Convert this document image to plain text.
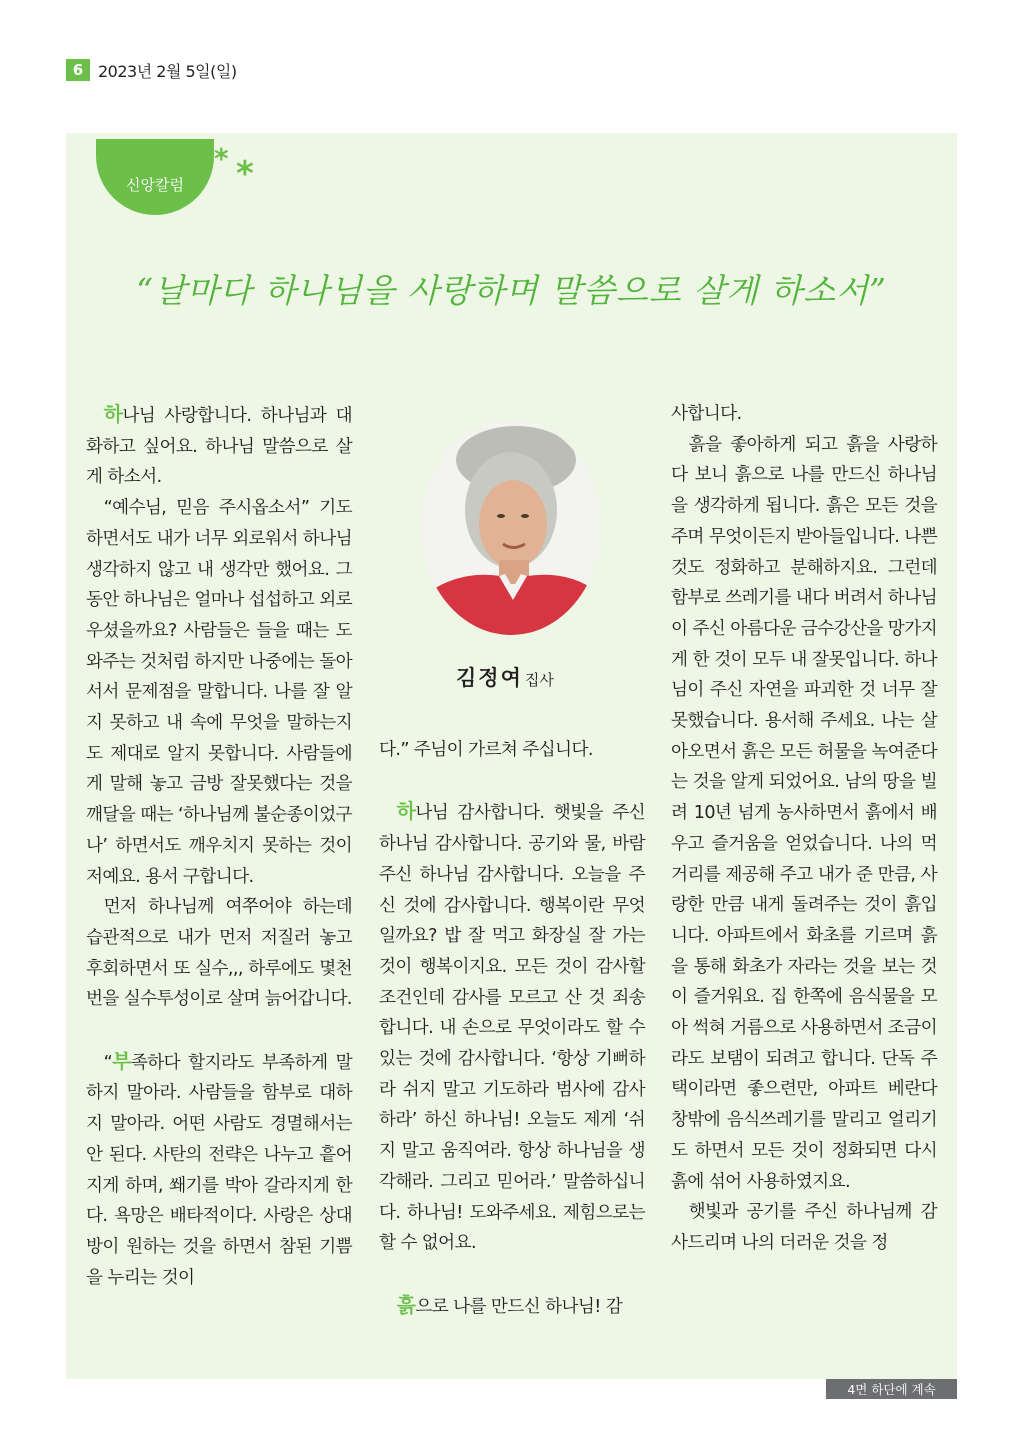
6 2023년 2월 5일(일)
신앙칼럼
* *
“날마다 하나님을 사랑하며 말씀으로 살게 하소서”

하나님 사랑합니다. 하나님과 대화하고 싶어요. 하나님 말씀으로 살게 하소서.

“예수님, 믿음 주시옵소서” 기도하면서도 내가 너무 외로워서 하나님 생각하지 않고 내 생각만 했어요. 그동안 하나님은 얼마나 섭섭하고 외로우셨을까요? 사람들은 들을 때는 도와주는 것처럼 하지만 나중에는 돌아서서 문제점을 말합니다. 나를 잘 알지 못하고 내 속에 무엇을 말하는지도 제대로 알지 못합니다. 사람들에게 말해 놓고 금방 잘못했다는 것을 깨달을 때는 ‘하나님께 불순종이었구나’ 하면서도 깨우치지 못하는 것이 저예요. 용서 구합니다.

먼저 하나님께 여쭈어야 하는데 습관적으로 내가 먼저 저질러 놓고 후회하면서 또 실수,,, 하루에도 몇천 번을 실수투성이로 살며 늙어갑니다.

“부족하다 할지라도 부족하게 말하지 말아라. 사람들을 함부로 대하지 말아라. 어떤 사람도 경멸해서는 안 된다. 사탄의 전략은 나누고 흩어지게 하며, 쐐기를 박아 갈라지게 한다. 욕망은 배타적이다. 사랑은 상대방이 원하는 것을 하면서 참된 기쁨을 누리는 것이

김정여 집사

다.” 주님이 가르쳐 주십니다.

하나님 감사합니다. 햇빛을 주신 하나님 감사합니다. 공기와 물, 바람 주신 하나님 감사합니다. 오늘을 주신 것에 감사합니다. 행복이란 무엇일까요? 밥 잘 먹고 화장실 잘 가는 것이 행복이지요. 모든 것이 감사할 조건인데 감사를 모르고 산 것 죄송합니다. 내 손으로 무엇이라도 할 수 있는 것에 감사합니다. ‘항상 기뻐하라 쉬지 말고 기도하라 범사에 감사하라’ 하신 하나님! 오늘도 제게 ‘쉬지 말고 움직여라. 항상 하나님을 생각해라. 그리고 믿어라.’ 말씀하십니다. 하나님! 도와주세요. 제힘으로는 할 수 없어요.

흙으로 나를 만드신 하나님! 감

사합니다.

흙을 좋아하게 되고 흙을 사랑하다 보니 흙으로 나를 만드신 하나님을 생각하게 됩니다. 흙은 모든 것을 주며 무엇이든지 받아들입니다. 나쁜 것도 정화하고 분해하지요. 그런데 함부로 쓰레기를 내다 버려서 하나님이 주신 아름다운 금수강산을 망가지게 한 것이 모두 내 잘못입니다. 하나님이 주신 자연을 파괴한 것 너무 잘못했습니다. 용서해 주세요. 나는 살아오면서 흙은 모든 허물을 녹여준다는 것을 알게 되었어요. 남의 땅을 빌려 10년 넘게 농사하면서 흙에서 배우고 즐거움을 얻었습니다. 나의 먹거리를 제공해 주고 내가 준 만큼, 사랑한 만큼 내게 돌려주는 것이 흙입니다. 아파트에서 화초를 기르며 흙을 통해 화초가 자라는 것을 보는 것이 즐거워요. 집 한쪽에 음식물을 모아 썩혀 거름으로 사용하면서 조금이라도 보탬이 되려고 합니다. 단독 주택이라면 좋으련만, 아파트 베란다 창밖에 음식쓰레기를 말리고 얼리기도 하면서 모든 것이 정화되면 다시 흙에 섞어 사용하였지요.

햇빛과 공기를 주신 하나님께 감사드리며 나의 더러운 것을 정

4면 하단에 계속
